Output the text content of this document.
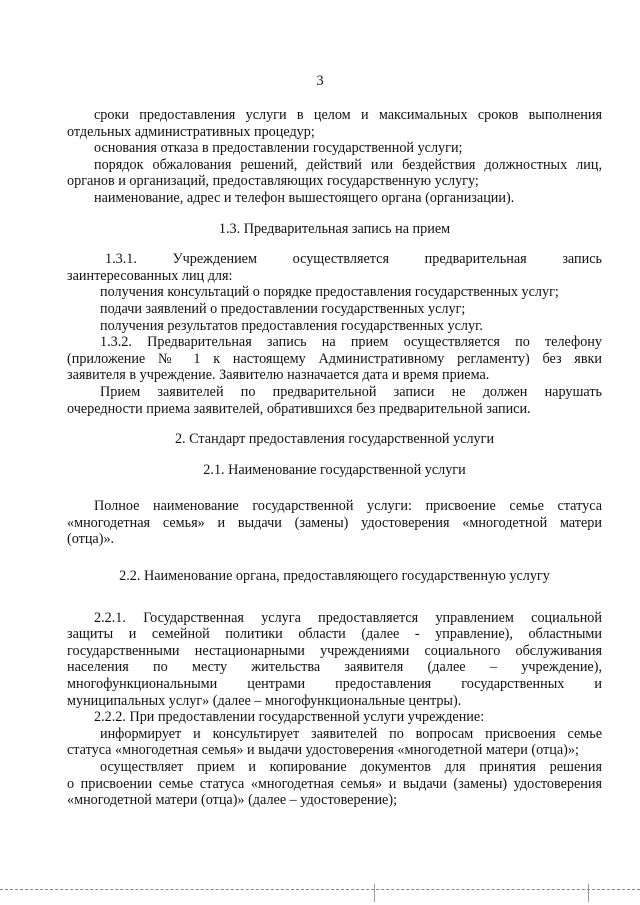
3

сроки предоставления услуги в целом и максимальных сроков выполнения

отдельных административных процедур;

основания отказа в предоставлении государственной услуги;

порядок обжалования решений, действий или бездействия должностных лиц,

органов и организаций, предоставляющих государственную услугу;

наименование, адрес и телефон вышестоящего органа (организации).

1.3. Предварительная запись на прием

1.3.1. Учреждением осуществляется предварительная запись

заинтересованных лиц для:

получения консультаций о порядке предоставления государственных услуг;

подачи заявлений о предоставлении государственных услуг;

получения результатов предоставления государственных услуг.

1.3.2. Предварительная запись на прием осуществляется по телефону

(приложение № 1 к настоящему Административному регламенту) без явки

заявителя в учреждение. Заявителю назначается дата и время приема.

Прием заявителей по предварительной записи не должен нарушать

очередности приема заявителей, обратившихся без предварительной записи.

2. Стандарт предоставления государственной услуги

2.1. Наименование государственной услуги

Полное наименование государственной услуги: присвоение семье статуса

«многодетная семья» и выдачи (замены) удостоверения «многодетной матери

(отца)».

2.2. Наименование органа, предоставляющего государственную услугу

2.2.1. Государственная услуга предоставляется управлением социальной

защиты и семейной политики области (далее - управление), областными

государственными нестационарными учреждениями социального обслуживания

населения по месту жительства заявителя (далее – учреждение),

многофункциональными центрами предоставления государственных и

муниципальных услуг» (далее – многофункциональные центры).

2.2.2. При предоставлении государственной услуги учреждение:

информирует и консультирует заявителей по вопросам присвоения семье

статуса «многодетная семья» и выдачи удостоверения «многодетной матери (отца)»;

осуществляет прием и копирование документов для принятия решения

о присвоении семье статуса «многодетная семья» и выдачи (замены) удостоверения

«многодетной матери (отца)» (далее – удостоверение);
